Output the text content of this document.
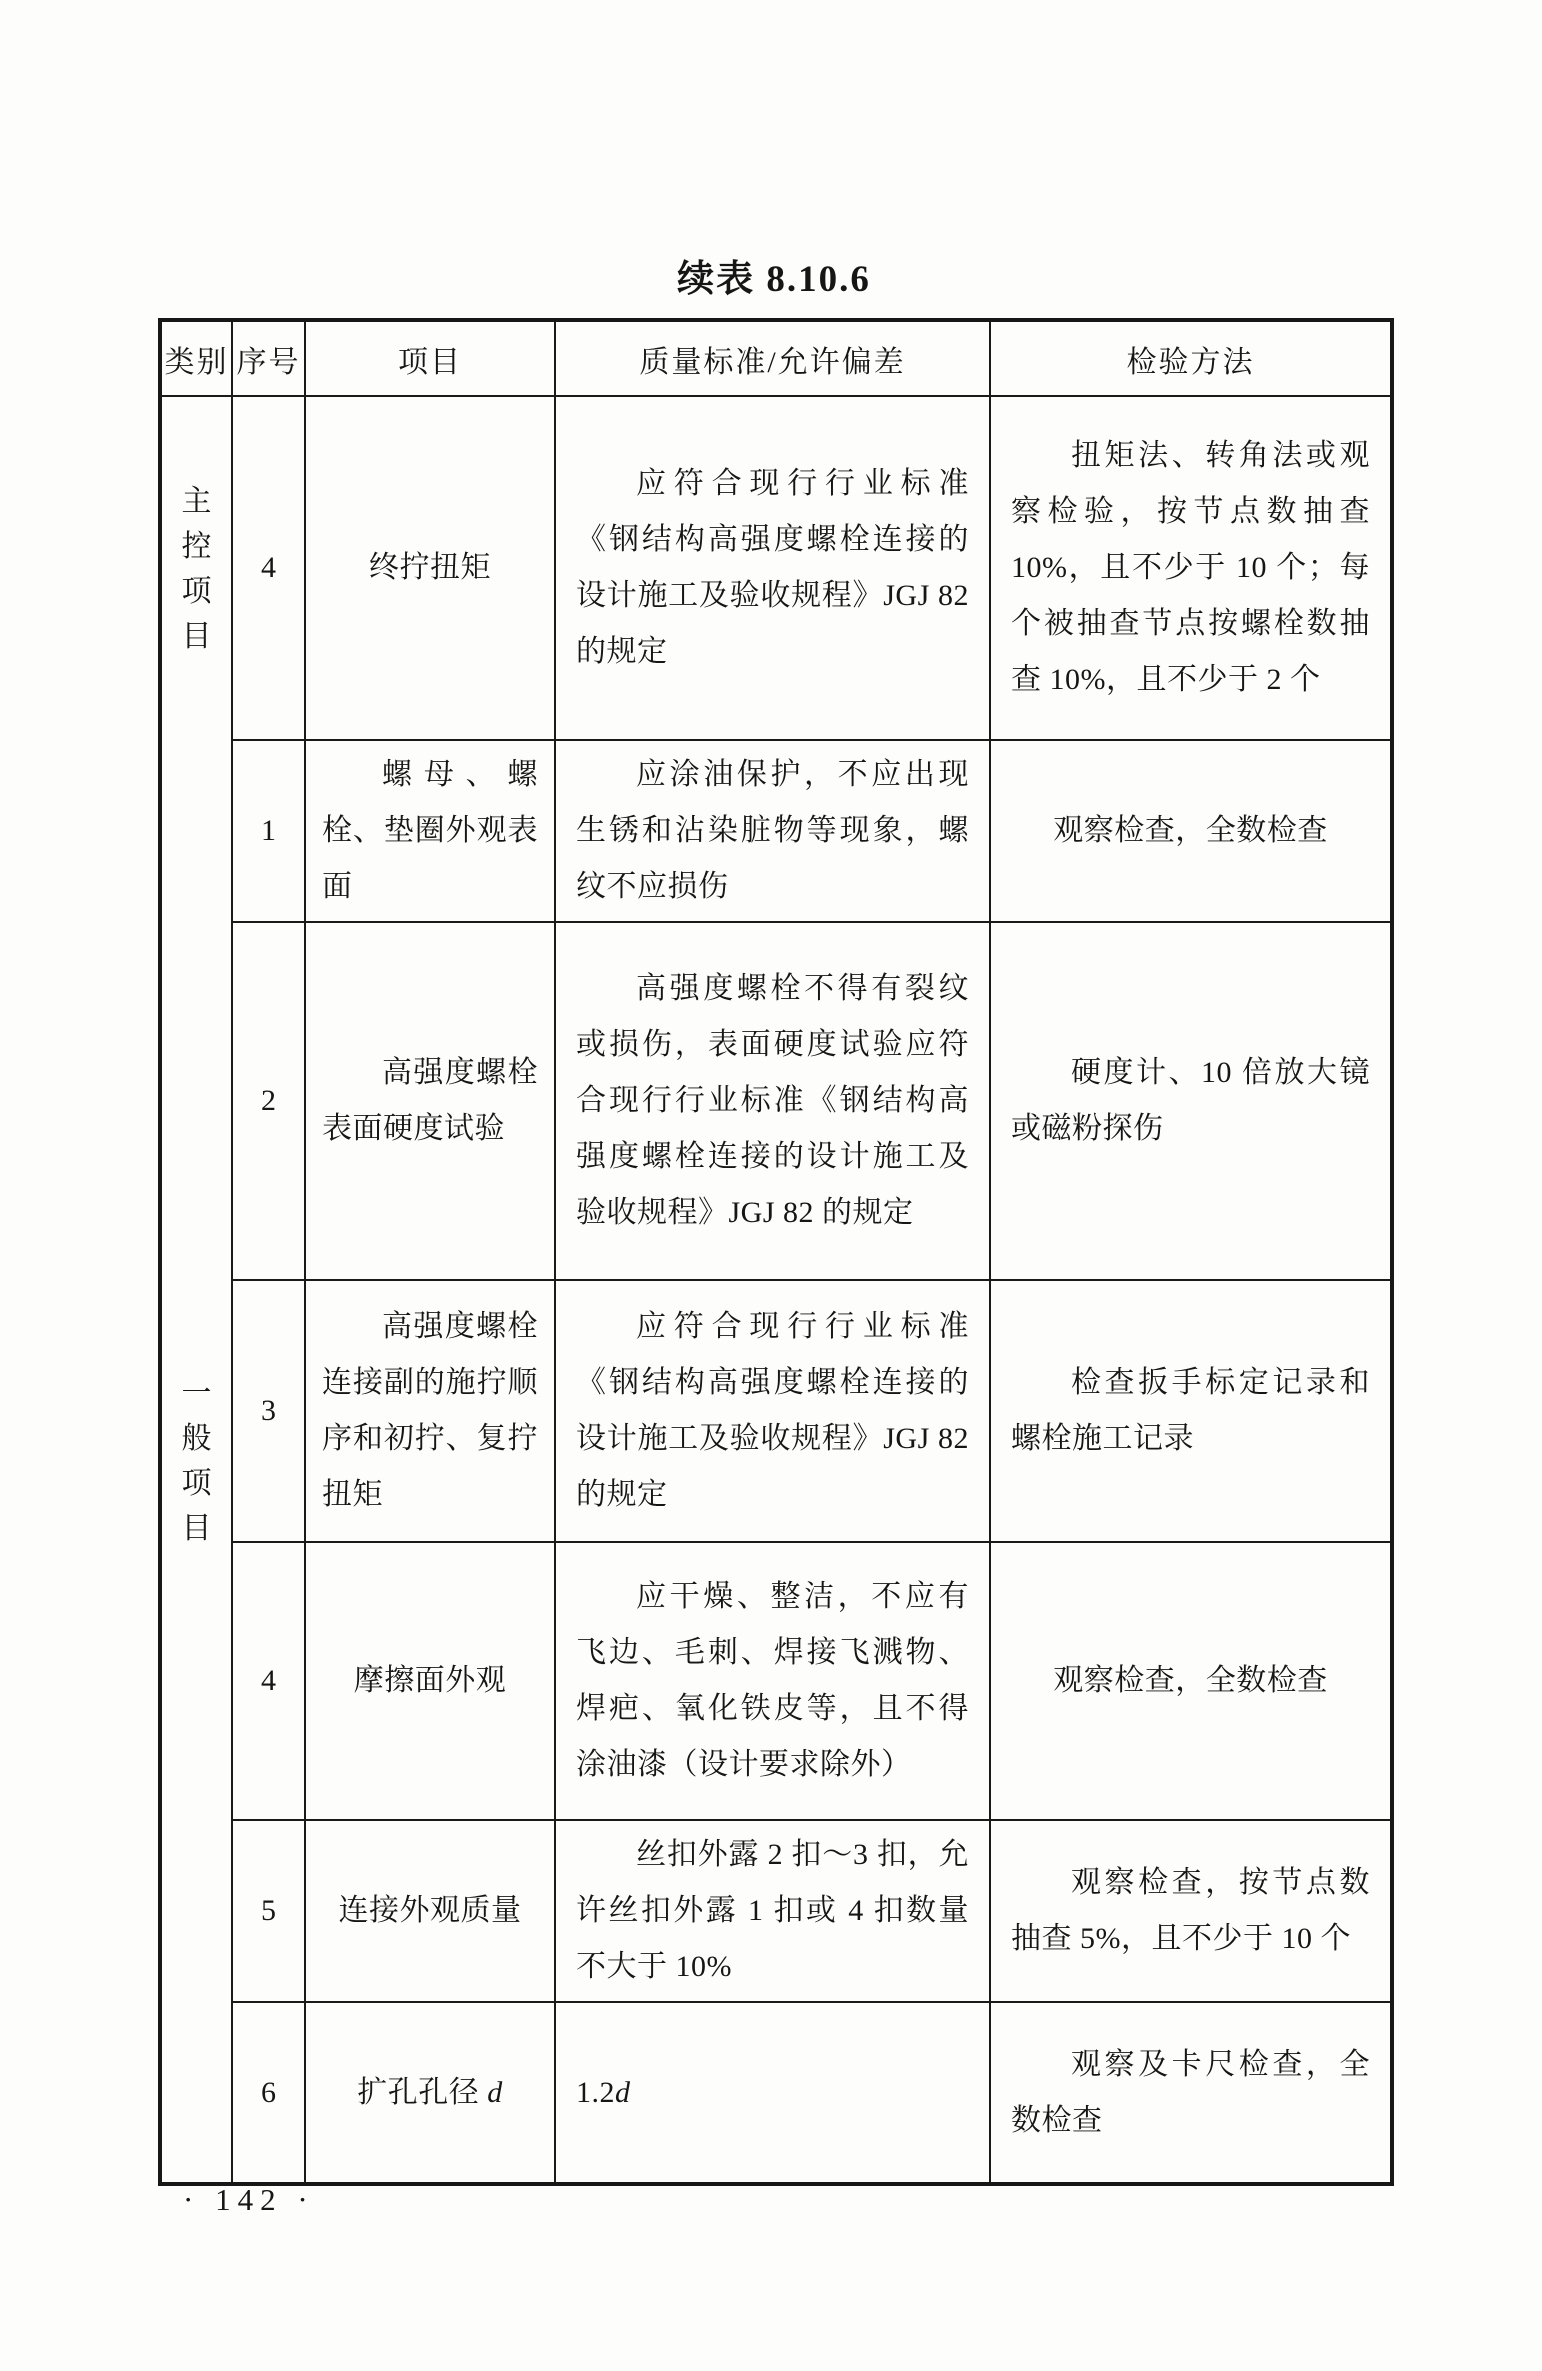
续表 8.10.6
类别	序号	项目	质量标准/允许偏差	检验方法

主
控
项
目	4	终拧扭矩	应符合现行行业标准《钢结构高强度螺栓连接的设计施工及验收规程》JGJ 82 的规定	扭矩法、转角法或观察检验，按节点数抽查10%，且不少于 10 个；每个被抽查节点按螺栓数抽查 10%，且不少于 2 个

一
般
项
目	1	螺母、螺栓、垫圈外观表面	应涂油保护，不应出现生锈和沾染脏物等现象，螺纹不应损伤	观察检查，全数检查

	2	高强度螺栓表面硬度试验	高强度螺栓不得有裂纹或损伤，表面硬度试验应符合现行行业标准《钢结构高强度螺栓连接的设计施工及验收规程》JGJ 82 的规定	硬度计、10 倍放大镜或磁粉探伤

	3	高强度螺栓连接副的施拧顺序和初拧、复拧扭矩	应符合现行行业标准《钢结构高强度螺栓连接的设计施工及验收规程》JGJ 82 的规定	检查扳手标定记录和螺栓施工记录

	4	摩擦面外观	应干燥、整洁，不应有飞边、毛刺、焊接飞溅物、焊疤、氧化铁皮等，且不得涂油漆（设计要求除外）	观察检查，全数检查

	5	连接外观质量	丝扣外露 2 扣～3 扣，允许丝扣外露 1 扣或 4 扣数量不大于 10%	观察检查，按节点数抽查 5%，且不少于 10 个

	6	扩孔孔径 d	1.2d	观察及卡尺检查，全数检查

· 142 ·
